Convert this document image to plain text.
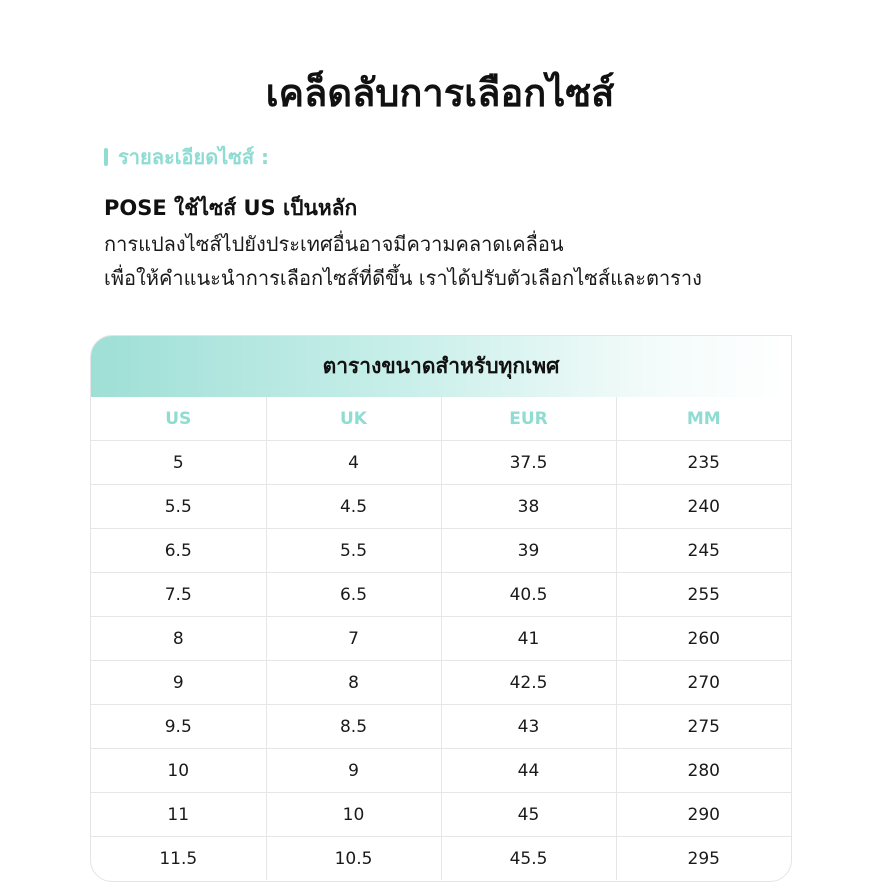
เคล็ดลับการเลือกไซส์
รายละเอียดไซส์ :

POSE ใช้ไซส์ US เป็นหลัก

การแปลงไซส์ไปยังประเทศอื่นอาจมีความคลาดเคลื่อน

เพื่อให้คำแนะนำการเลือกไซส์ที่ดีขึ้น เราได้ปรับตัวเลือกไซส์และตาราง

ตารางขนาดสำหรับทุกเพศ
US	UK	EUR	MM
5	4	37.5	235
5.5	4.5	38	240
6.5	5.5	39	245
7.5	6.5	40.5	255
8	7	41	260
9	8	42.5	270
9.5	8.5	43	275
10	9	44	280
11	10	45	290
11.5	10.5	45.5	295
